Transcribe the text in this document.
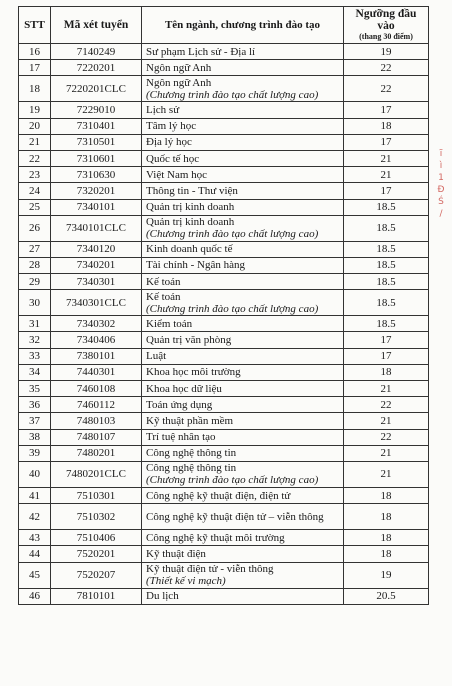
STT	Mã xét tuyển	Tên ngành, chương trình đào tạo	Ngưỡng đầu vào
(thang 30 điểm)

16	7140249	Sư phạm Lịch sử - Địa lí	19
17	7220201	Ngôn ngữ Anh	22
18	7220201CLC	Ngôn ngữ Anh
(Chương trình đào tạo chất lượng cao)	22
19	7229010	Lịch sử	17
20	7310401	Tâm lý học	18
21	7310501	Địa lý học	17
22	7310601	Quốc tế học	21
23	7310630	Việt Nam học	21
24	7320201	Thông tin - Thư viện	17
25	7340101	Quản trị kinh doanh	18.5
26	7340101CLC	Quản trị kinh doanh
(Chương trình đào tạo chất lượng cao)	18.5
27	7340120	Kinh doanh quốc tế	18.5
28	7340201	Tài chính - Ngân hàng	18.5
29	7340301	Kế toán	18.5
30	7340301CLC	Kế toán
(Chương trình đào tạo chất lượng cao)	18.5
31	7340302	Kiểm toán	18.5
32	7340406	Quản trị văn phòng	17
33	7380101	Luật	17
34	7440301	Khoa học môi trường	18
35	7460108	Khoa học dữ liệu	21
36	7460112	Toán ứng dụng	22
37	7480103	Kỹ thuật phần mềm	21
38	7480107	Trí tuệ nhân tạo	22
39	7480201	Công nghệ thông tin	21
40	7480201CLC	Công nghệ thông tin
(Chương trình đào tạo chất lượng cao)	21
41	7510301	Công nghệ kỹ thuật điện, điện tử	18
42	7510302	Công nghệ kỹ thuật điện tử – viễn thông	18
43	7510406	Công nghệ kỹ thuật môi trường	18
44	7520201	Kỹ thuật điện	18
45	7520207	Kỹ thuật điện tử - viễn thông
(Thiết kế vi mạch)	19
46	7810101	Du lịch	20.5
ĩ
ì
1
Đ
Ś
/
